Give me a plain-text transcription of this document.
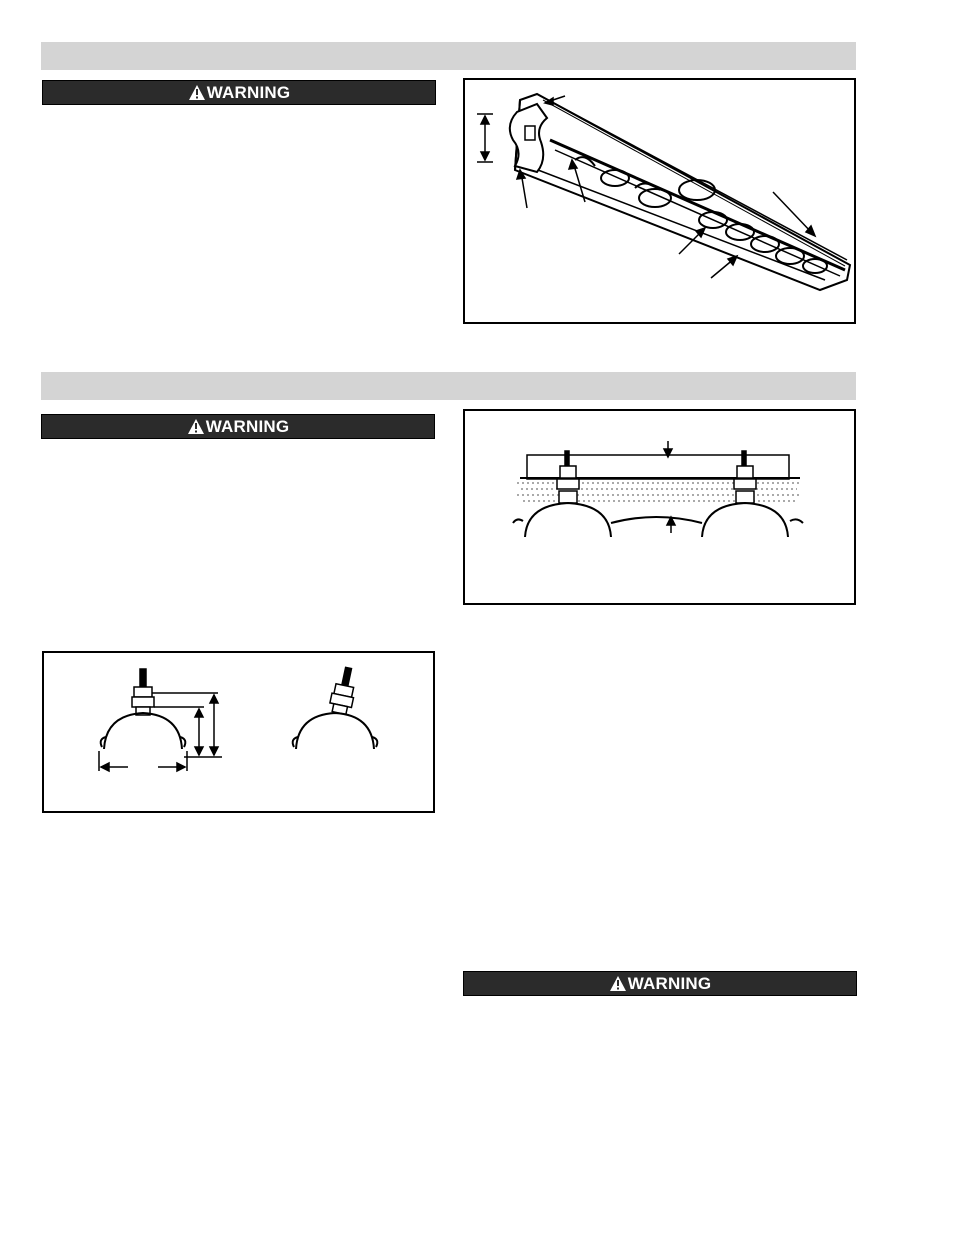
WARNING
WARNING
WARNING
